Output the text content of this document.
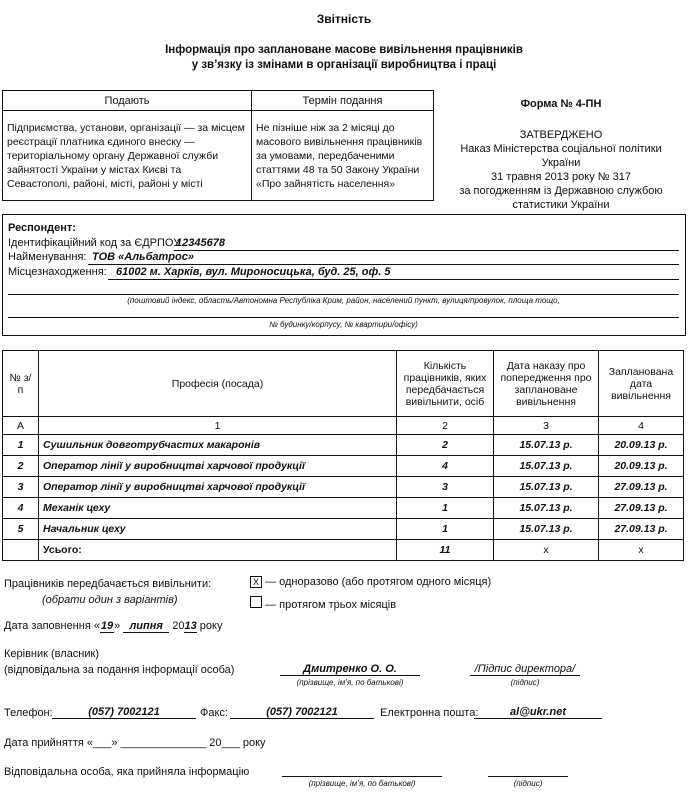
Звітність
Інформація про заплановане масове вивільнення працівників
у зв’язку із змінами в організації виробництва і праці
Подають	Термін подання
Підприємства, установи, організації — за місцем реєстрації платника єдиного внеску — територіальному органу Державної служби зайнятості України у містах Києві та Севастополі, районі, місті, районі у місті	Не пізніше ніж за 2 місяці до масового вивільнення працівників за умовами, передбаченими статтями 48 та 50 Закону України «Про зайнятість населення»
Форма № 4-ПН
ЗАТВЕРДЖЕНО
Наказ Міністерства соціальної політики України
31 травня 2013 року № 317
за погодженням із Державною службою
статистики України
Респондент:
Ідентифікаційний код за ЄДРПОУ
12345678
Найменування: ТОВ «Альбатрос»
Місцезнаходження: 61002 м. Харків, вул. Мироносицька, буд. 25, оф. 5
(поштовий індекс, область/Автономна Республіка Крим, район, населений пункт, вулиця/провулок, площа тощо,
№ будинку/корпусу, № квартири/офісу)
№ з/п	Професія (посада)	Кількість працівників, яких передбачається вивільнити, осіб	Дата наказу про попередження про заплановане вивільнення	Запланована дата вивільнення
А	1	2	3	4
1	Сушильник довготрубчастих макаронів	2	15.07.13 р.	20.09.13 р.
2	Оператор лінії у виробництві харчової продукції	4	15.07.13 р.	20.09.13 р.
3	Оператор лінії у виробництві харчової продукції	3	15.07.13 р.	27.09.13 р.
4	Механік цеху	1	15.07.13 р.	27.09.13 р.
5	Начальник цеху	1	15.07.13 р.	27.09.13 р.
	Усього:	11	х	х
Працівників передбачається вивільнити:
(обрати один з варіантів)
Х — одноразово (або протягом одного місяця)
— протягом трьох місяців
Дата заповнення «19» липня 2013 року
Керівник (власник)
(відповідальна за подання інформації особа)	Дмитренко О. О.
(прізвище, ім’я, по батькові)
/Підпис директора/
(підпис)
Телефон:	(057) 7002121	Факс:	(057) 7002121	Електронна пошта:	al@ukr.net
Дата прийняття «___» ______________ 20___ року
Відповідальна особа, яка прийняла інформацію
(прізвище, ім’я, по батькові)	(підпис)
